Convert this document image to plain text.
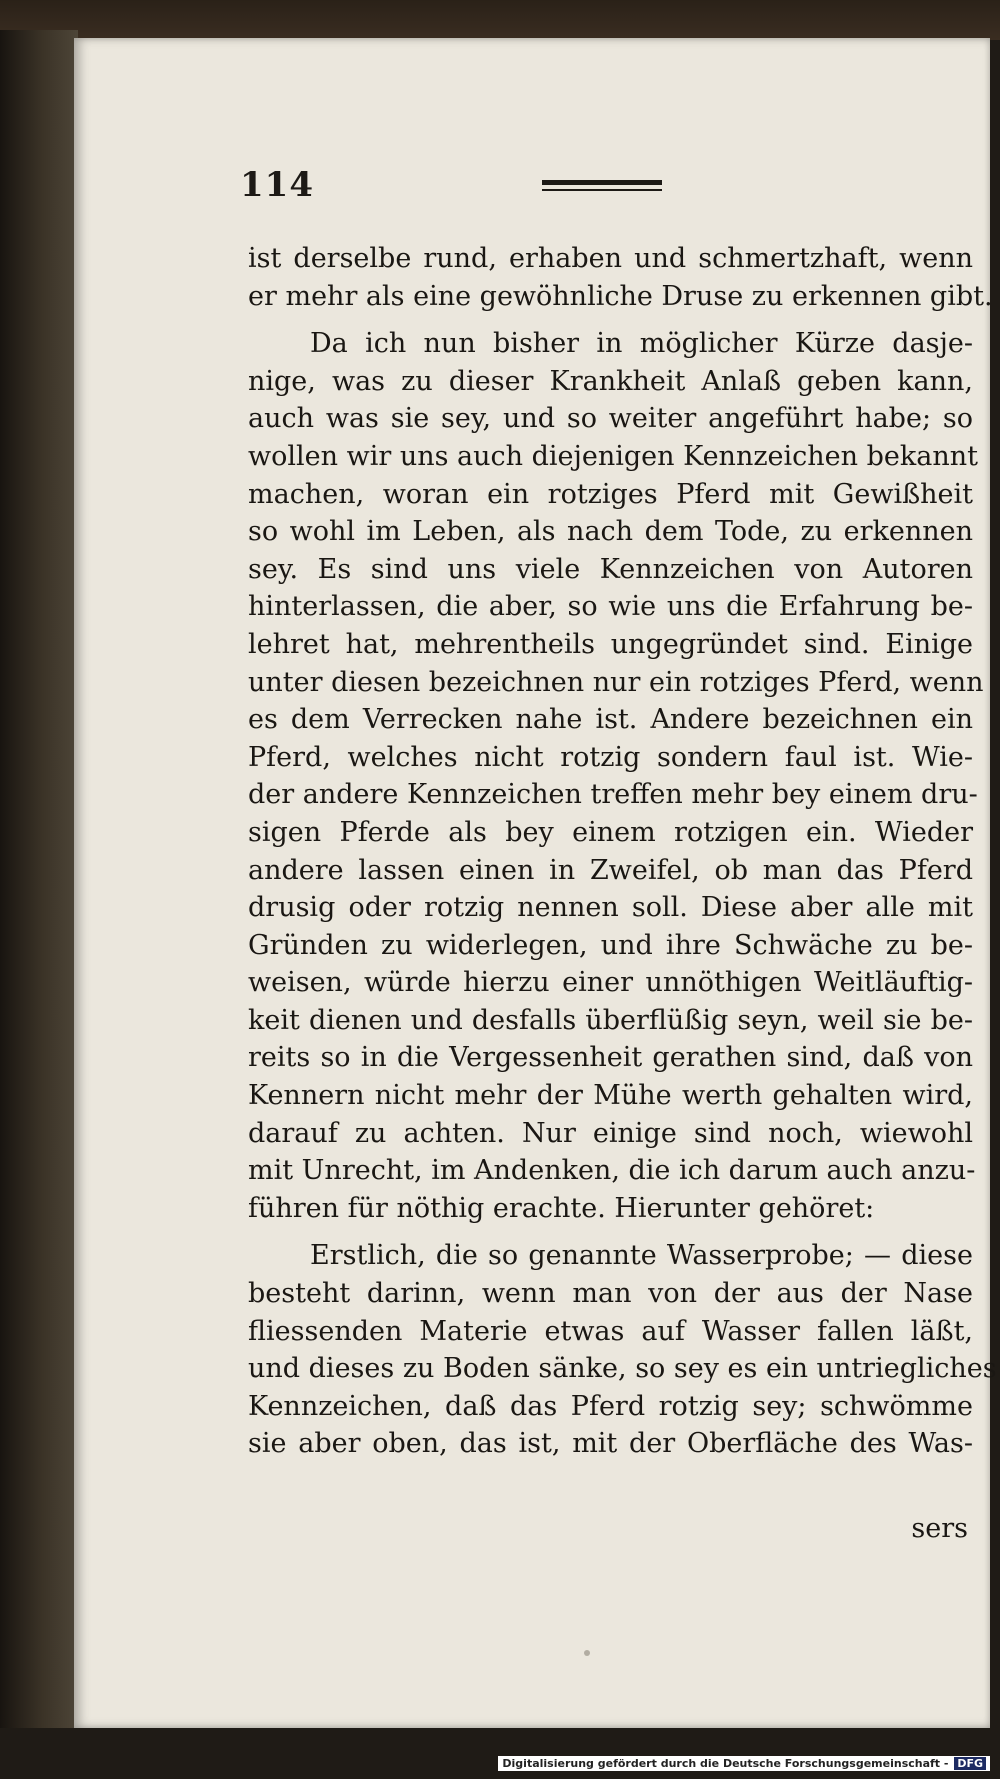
114
ist derselbe rund, erhaben und schmertzhaft, wenn
er mehr als eine gewöhnliche Druse zu erkennen gibt.
Da ich nun bisher in möglicher Kürze dasje-
nige, was zu dieser Krankheit Anlaß geben kann,
auch was sie sey, und so weiter angeführt habe; so
wollen wir uns auch diejenigen Kennzeichen bekannt
machen, woran ein rotziges Pferd mit Gewißheit
so wohl im Leben, als nach dem Tode, zu erkennen
sey. Es sind uns viele Kennzeichen von Autoren
hinterlassen, die aber, so wie uns die Erfahrung be-
lehret hat, mehrentheils ungegründet sind. Einige
unter diesen bezeichnen nur ein rotziges Pferd, wenn
es dem Verrecken nahe ist. Andere bezeichnen ein
Pferd, welches nicht rotzig sondern faul ist. Wie-
der andere Kennzeichen treffen mehr bey einem dru-
sigen Pferde als bey einem rotzigen ein. Wieder
andere lassen einen in Zweifel, ob man das Pferd
drusig oder rotzig nennen soll. Diese aber alle mit
Gründen zu widerlegen, und ihre Schwäche zu be-
weisen, würde hierzu einer unnöthigen Weitläuftig-
keit dienen und desfalls überflüßig seyn, weil sie be-
reits so in die Vergessenheit gerathen sind, daß von
Kennern nicht mehr der Mühe werth gehalten wird,
darauf zu achten. Nur einige sind noch, wiewohl
mit Unrecht, im Andenken, die ich darum auch anzu-
führen für nöthig erachte. Hierunter gehöret:
Erstlich, die so genannte Wasserprobe; — diese
besteht darinn, wenn man von der aus der Nase
fliessenden Materie etwas auf Wasser fallen läßt,
und dieses zu Boden sänke, so sey es ein untriegliches
Kennzeichen, daß das Pferd rotzig sey; schwömme
sie aber oben, das ist, mit der Oberfläche des Was-
sers
Digitalisierung gefördert durch die Deutsche Forschungsgemeinschaft - DFG
